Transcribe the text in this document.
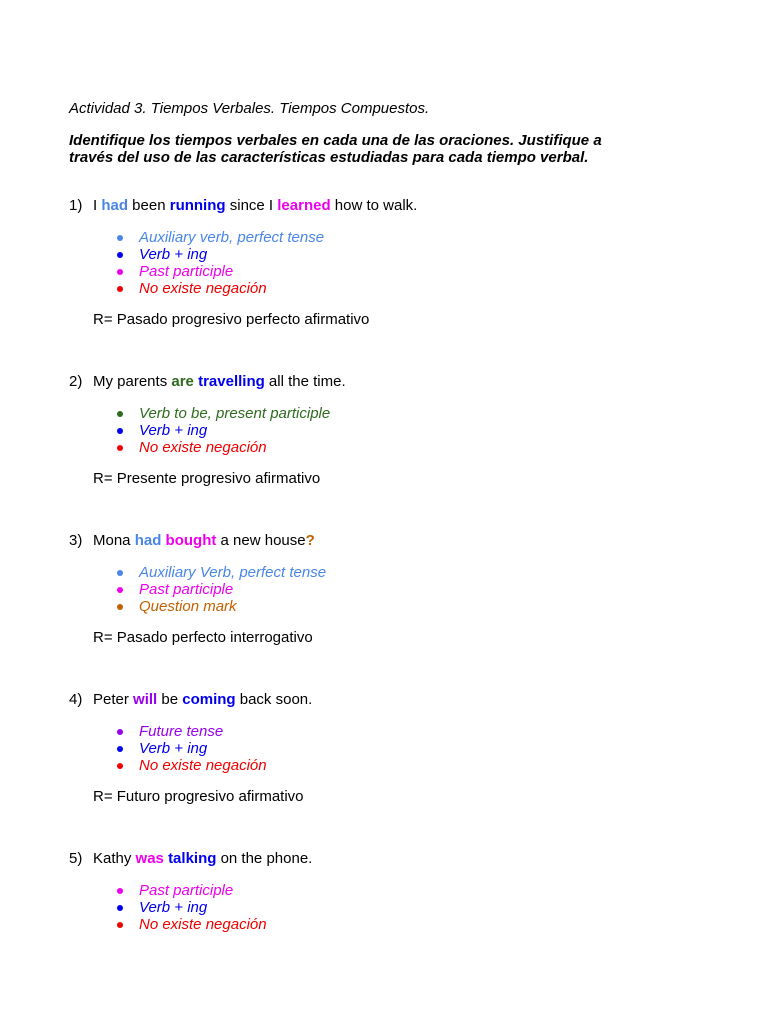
Actividad 3. Tiempos Verbales. Tiempos Compuestos.
Identifique los tiempos verbales en cada una de las oraciones. Justifique a
través del uso de las características estudiadas para cada tiempo verbal.
1) I had been running since I learned how to walk.
Auxiliary verb, perfect tense
Verb + ing
Past participle
No existe negación
R= Pasado progresivo perfecto afirmativo
2) My parents are travelling all the time.
Verb to be, present participle
Verb + ing
No existe negación
R= Presente progresivo afirmativo
3) Mona had bought a new house?
Auxiliary Verb, perfect tense
Past participle
Question mark
R= Pasado perfecto interrogativo
4) Peter will be coming back soon.
Future tense
Verb + ing
No existe negación
R= Futuro progresivo afirmativo
5) Kathy was talking on the phone.
Past participle
Verb + ing
No existe negación
